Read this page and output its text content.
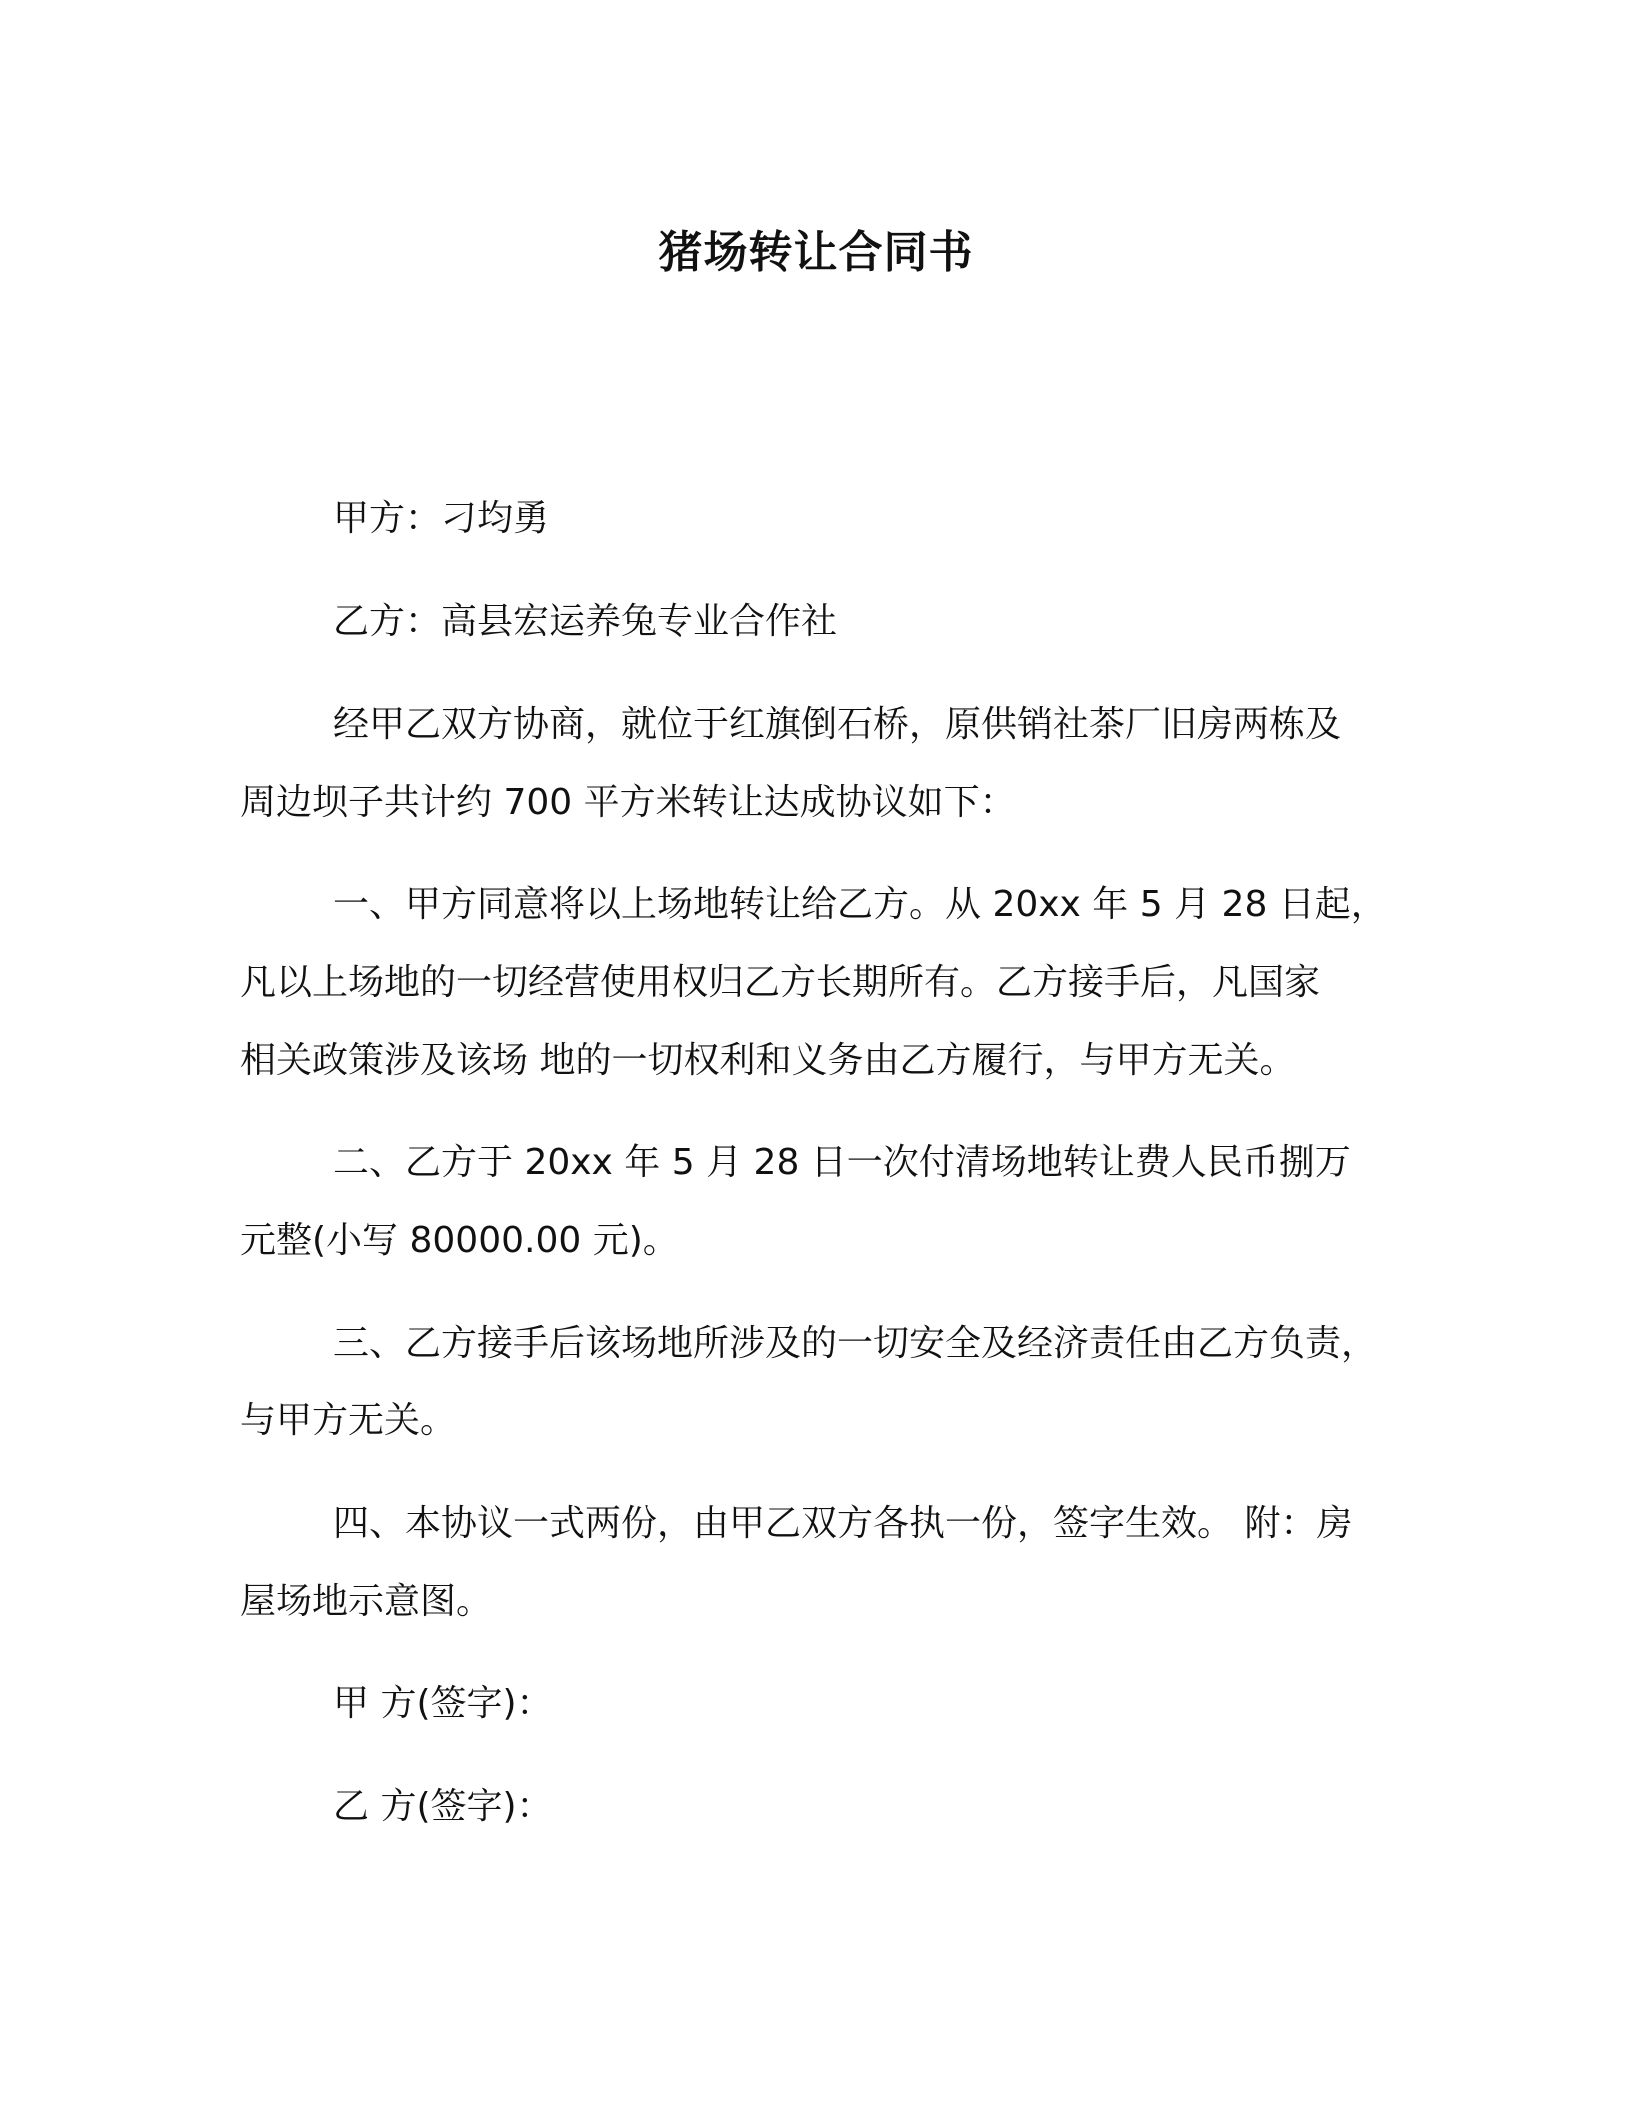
猪场转让合同书
甲方：刁均勇
乙方：高县宏运养兔专业合作社
经甲乙双方协商，就位于红旗倒石桥，原供销社茶厂旧房两栋及
周边坝子共计约 700 平方米转让达成协议如下：
一、甲方同意将以上场地转让给乙方。从 20xx 年 5 月 28 日起，
凡以上场地的一切经营使用权归乙方长期所有。乙方接手后，凡国家
相关政策涉及该场 地的一切权利和义务由乙方履行，与甲方无关。
二、乙方于 20xx 年 5 月 28 日一次付清场地转让费人民币捌万
元整(小写 80000.00 元)。
三、乙方接手后该场地所涉及的一切安全及经济责任由乙方负责，
与甲方无关。
四、本协议一式两份，由甲乙双方各执一份，签字生效。 附：房
屋场地示意图。
甲 方(签字)：
乙 方(签字)：
